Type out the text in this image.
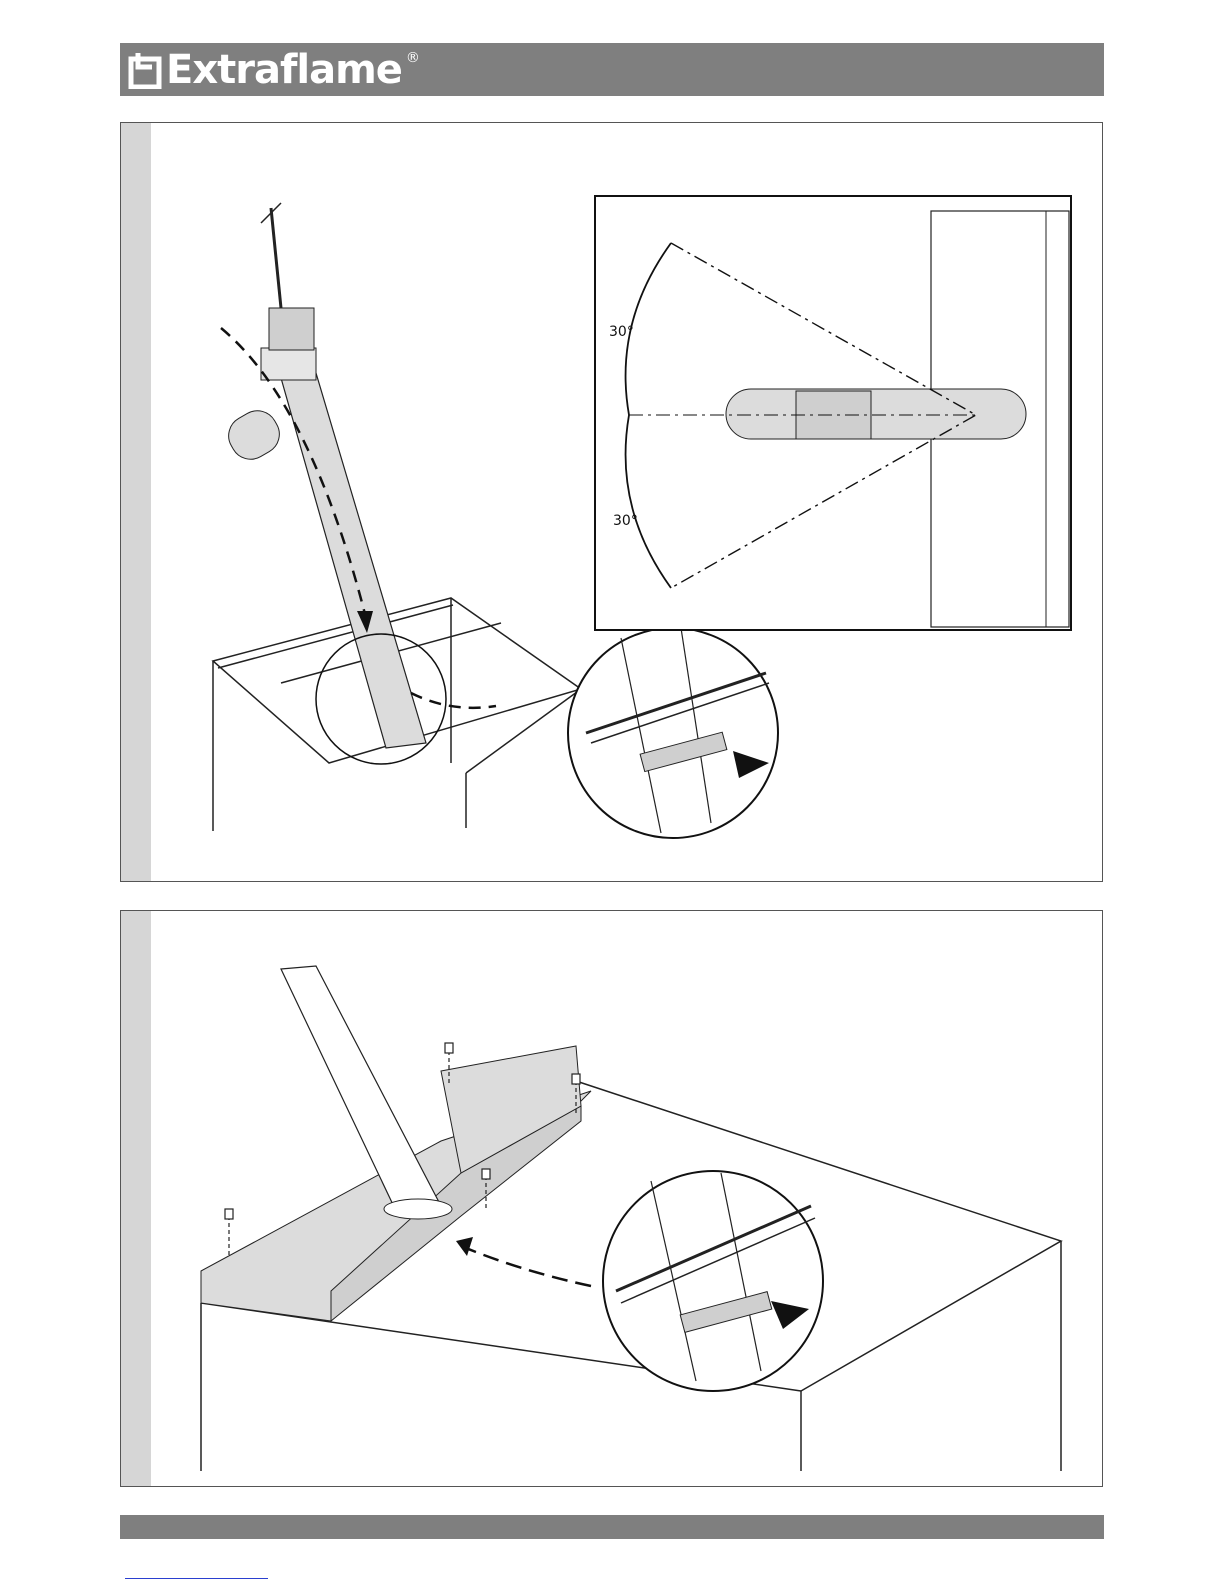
Extraflame ®
30°
30°
